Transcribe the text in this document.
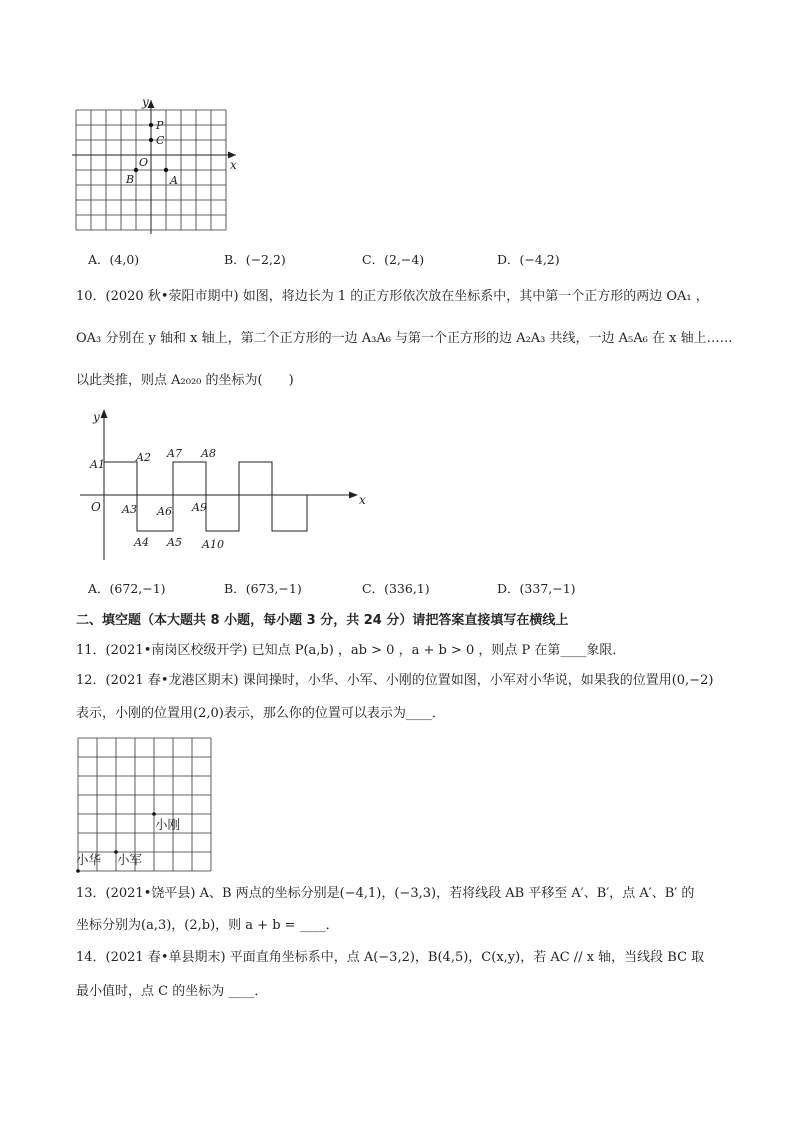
x
y
P
C
O
B	A
A．(4,0)	B．(−2,2)	C．(2,−4)	D．(−4,2)
10．(2020 秋•荥阳市期中) 如图，将边长为 1 的正方形依次放在坐标系中，其中第一个正方形的两边 OA₁ ，
OA₃ 分别在 y 轴和 x 轴上，第二个正方形的一边 A₃A₆ 与第一个正方形的边 A₂A₃ 共线，一边 A₅A₆ 在 x 轴上……
以此类推，则点 A₂₀₂₀ 的坐标为(　　)
x
y
O
A1
A2
A3
A4 A5
A6
A7 A8
A9
A10
A．(672,−1)	B．(673,−1)	C．(336,1)	D．(337,−1)
二、填空题（本大题共 8 小题，每小题 3 分，共 24 分）请把答案直接填写在横线上
11．(2021•南岗区校级开学) 已知点 P(a,b) ，ab > 0 ，a + b > 0 ，则点 P 在第____象限．
12．(2021 春•龙港区期末) 课间操时，小华、小军、小刚的位置如图，小军对小华说，如果我的位置用(0,−2)
表示，小刚的位置用(2,0)表示，那么你的位置可以表示为____．
小刚
小华 小军
13．(2021•饶平县) A、B 两点的坐标分别是(−4,1)，(−3,3)，若将线段 AB 平移至 A′、B′，点 A′、B′ 的
坐标分别为(a,3)，(2,b)，则 a + b = ____．
14．(2021 春•单县期末) 平面直角坐标系中，点 A(−3,2)，B(4,5)，C(x,y)，若 AC // x 轴，当线段 BC 取
最小值时，点 C 的坐标为 ____．
